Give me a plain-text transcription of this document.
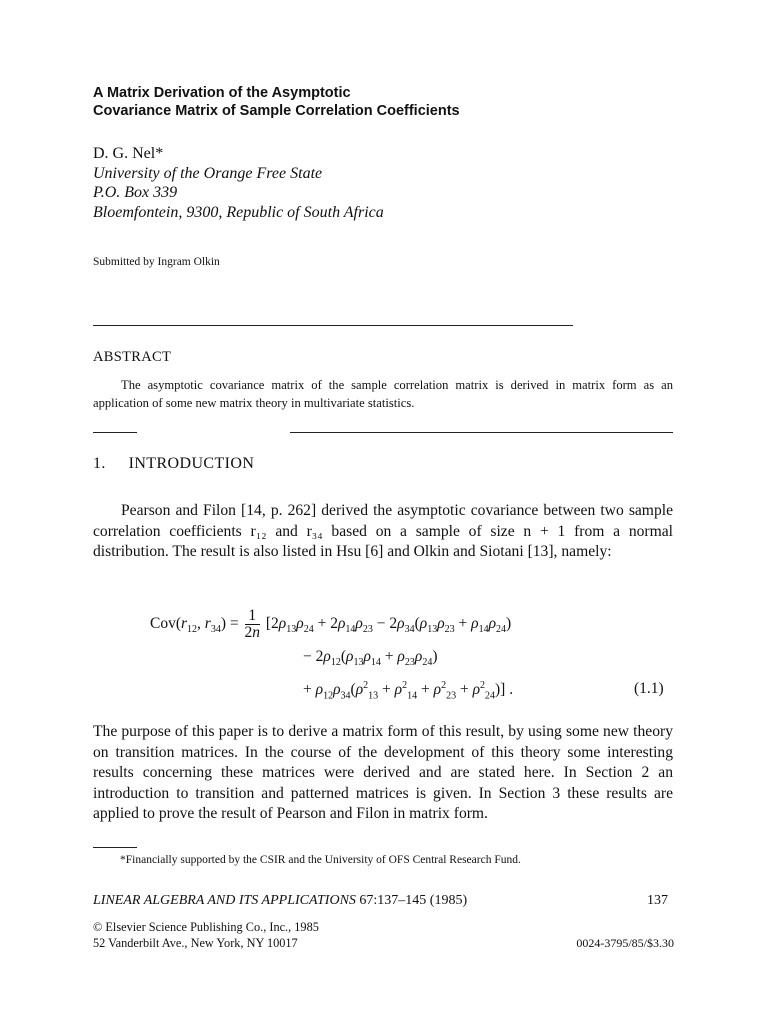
A Matrix Derivation of the Asymptotic
Covariance Matrix of Sample Correlation Coefficients
D. G. Nel*
University of the Orange Free State
P.O. Box 339
Bloemfontein, 9300, Republic of South Africa
Submitted by Ingram Olkin
ABSTRACT
The asymptotic covariance matrix of the sample correlation matrix is derived in matrix form as an application of some new matrix theory in multivariate statistics.
1. INTRODUCTION
Pearson and Filon [14, p. 262] derived the asymptotic covariance between two sample correlation coefficients r₁₂ and r₃₄ based on a sample of size n + 1 from a normal distribution. The result is also listed in Hsu [6] and Olkin and Siotani [13], namely:
$Cov(r_{12}$, $r_{34}) = \frac{1}{2n} [2\rho_{13}\rho_{24} + 2\rho_{14}\rho_{23} - 2\rho_{34}(\rho_{13}\rho_{23} + \rho_{14}\rho_{24})$
− $2\rho_{12}(\rho_{13}\rho_{14} + \rho_{23}\rho_{24})$
+ $\rho_{12}\rho_{34}(\rho^2_{13} + \rho^2_{14} + \rho^2_{23} + \rho^2_{24})$] .	(1.1)
The purpose of this paper is to derive a matrix form of this result, by using some new theory on transition matrices. In the course of the development of this theory some interesting results concerning these matrices were derived and are stated here. In Section 2 an introduction to transition and patterned matrices is given. In Section 3 these results are applied to prove the result of Pearson and Filon in matrix form.
*Financially supported by the CSIR and the University of OFS Central Research Fund.
LINEAR ALGEBRA AND ITS APPLICATIONS 67:137–145 (1985)	137
© Elsevier Science Publishing Co., Inc., 1985
52 Vanderbilt Ave., New York, NY 10017	0024-3795/85/$3.30
